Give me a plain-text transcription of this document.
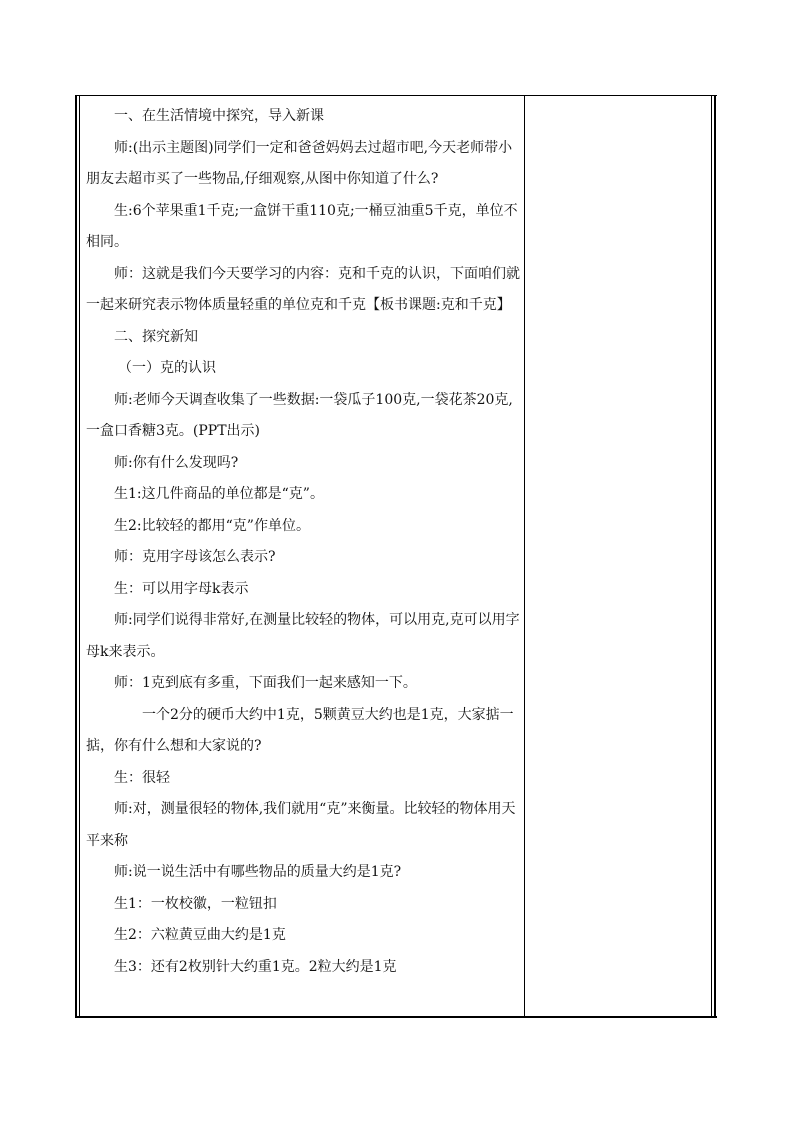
一、在生活情境中探究，导入新课

师:(出示主题图)同学们一定和爸爸妈妈去过超市吧,今天老师带小朋友去超市买了一些物品,仔细观察,从图中你知道了什么?

生:6个苹果重1千克;一盒饼干重110克;一桶豆油重5千克，单位不相同。

师：这就是我们今天要学习的内容：克和千克的认识，下面咱们就一起来研究表示物体质量轻重的单位克和千克【板书课题:克和千克】

二、探究新知

（一）克的认识

师:老师今天调查收集了一些数据:一袋瓜子100克,一袋花茶20克,一盒口香糖3克。(PPT出示)

师:你有什么发现吗?

生1:这几件商品的单位都是“克”。

生2:比较轻的都用“克”作单位。

师：克用字母该怎么表示?

生：可以用字母k表示

师:同学们说得非常好,在测量比较轻的物体，可以用克,克可以用字母k来表示。

师：1克到底有多重，下面我们一起来感知一下。

一个2分的硬币大约中1克，5颗黄豆大约也是1克，大家掂一掂，你有什么想和大家说的?

生：很轻

师:对，测量很轻的物体,我们就用“克”来衡量。比较轻的物体用天平来称

师:说一说生活中有哪些物品的质量大约是1克?

生1：一枚校徽，一粒钮扣

生2：六粒黄豆曲大约是1克

生3：还有2枚别针大约重1克。2粒大约是1克
